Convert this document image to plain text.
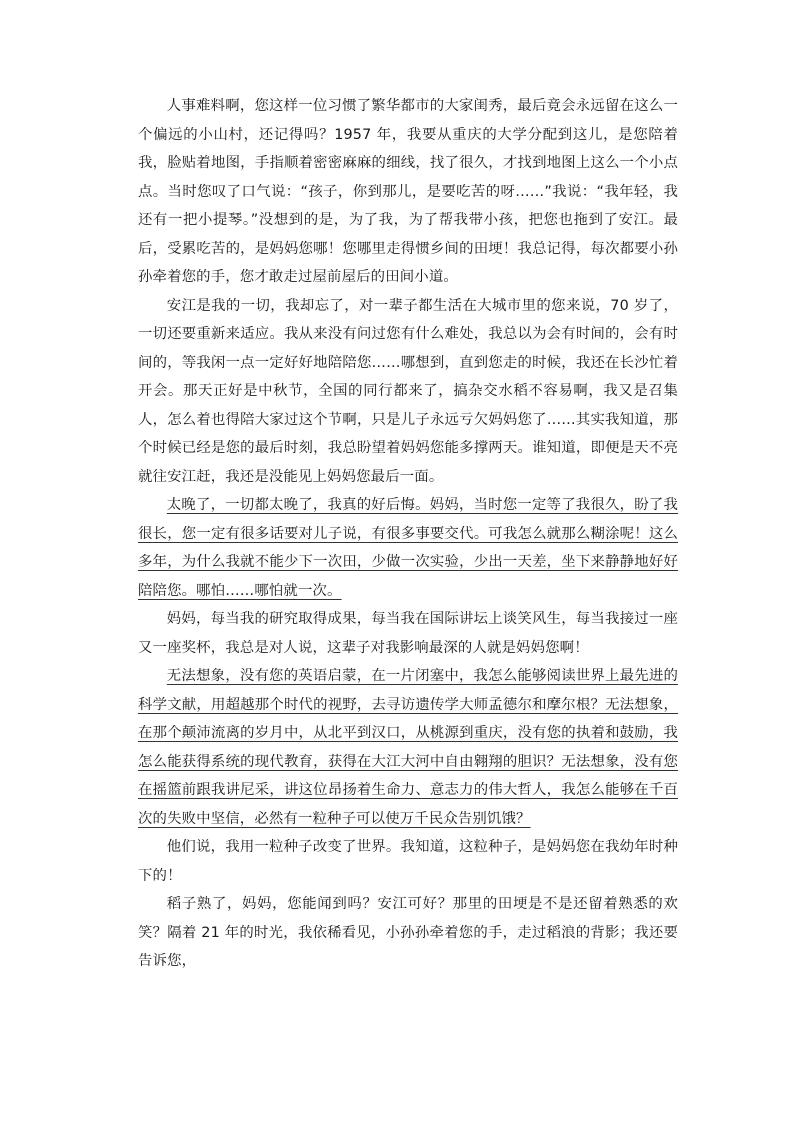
人事难料啊，您这样一位习惯了繁华都市的大家闺秀，最后竟会永远留在这么一个偏远的小山村，还记得吗？1957 年，我要从重庆的大学分配到这儿，是您陪着我，脸贴着地图，手指顺着密密麻麻的细线，找了很久，才找到地图上这么一个小点点。当时您叹了口气说：“孩子，你到那儿，是要吃苦的呀……”我说：“我年轻，我还有一把小提琴。”没想到的是，为了我，为了帮我带小孩，把您也拖到了安江。最后，受累吃苦的，是妈妈您哪！您哪里走得惯乡间的田埂！我总记得，每次都要小孙孙牵着您的手，您才敢走过屋前屋后的田间小道。

安江是我的一切，我却忘了，对一辈子都生活在大城市里的您来说，70 岁了，一切还要重新来适应。我从来没有问过您有什么难处，我总以为会有时间的，会有时间的，等我闲一点一定好好地陪陪您……哪想到，直到您走的时候，我还在长沙忙着开会。那天正好是中秋节，全国的同行都来了，搞杂交水稻不容易啊，我又是召集人，怎么着也得陪大家过这个节啊，只是儿子永远亏欠妈妈您了……其实我知道，那个时候已经是您的最后时刻，我总盼望着妈妈您能多撑两天。谁知道，即便是天不亮就往安江赶，我还是没能见上妈妈您最后一面。

太晚了，一切都太晚了，我真的好后悔。妈妈，当时您一定等了我很久，盼了我很长，您一定有很多话要对儿子说，有很多事要交代。可我怎么就那么糊涂呢！这么多年，为什么我就不能少下一次田，少做一次实验，少出一天差，坐下来静静地好好陪陪您。哪怕……哪怕就一次。

妈妈，每当我的研究取得成果，每当我在国际讲坛上谈笑风生，每当我接过一座又一座奖杯，我总是对人说，这辈子对我影响最深的人就是妈妈您啊！

无法想象，没有您的英语启蒙，在一片闭塞中，我怎么能够阅读世界上最先进的科学文献，用超越那个时代的视野，去寻访遗传学大师孟德尔和摩尔根？无法想象，在那个颠沛流离的岁月中，从北平到汉口，从桃源到重庆，没有您的执着和鼓励，我怎么能获得系统的现代教育，获得在大江大河中自由翱翔的胆识？无法想象，没有您在摇篮前跟我讲尼采，讲这位昂扬着生命力、意志力的伟大哲人，我怎么能够在千百次的失败中坚信，必然有一粒种子可以使万千民众告别饥饿？

他们说，我用一粒种子改变了世界。我知道，这粒种子，是妈妈您在我幼年时种下的！

稻子熟了，妈妈，您能闻到吗？安江可好？那里的田埂是不是还留着熟悉的欢笑？隔着 21 年的时光，我依稀看见，小孙孙牵着您的手，走过稻浪的背影；我还要告诉您，
